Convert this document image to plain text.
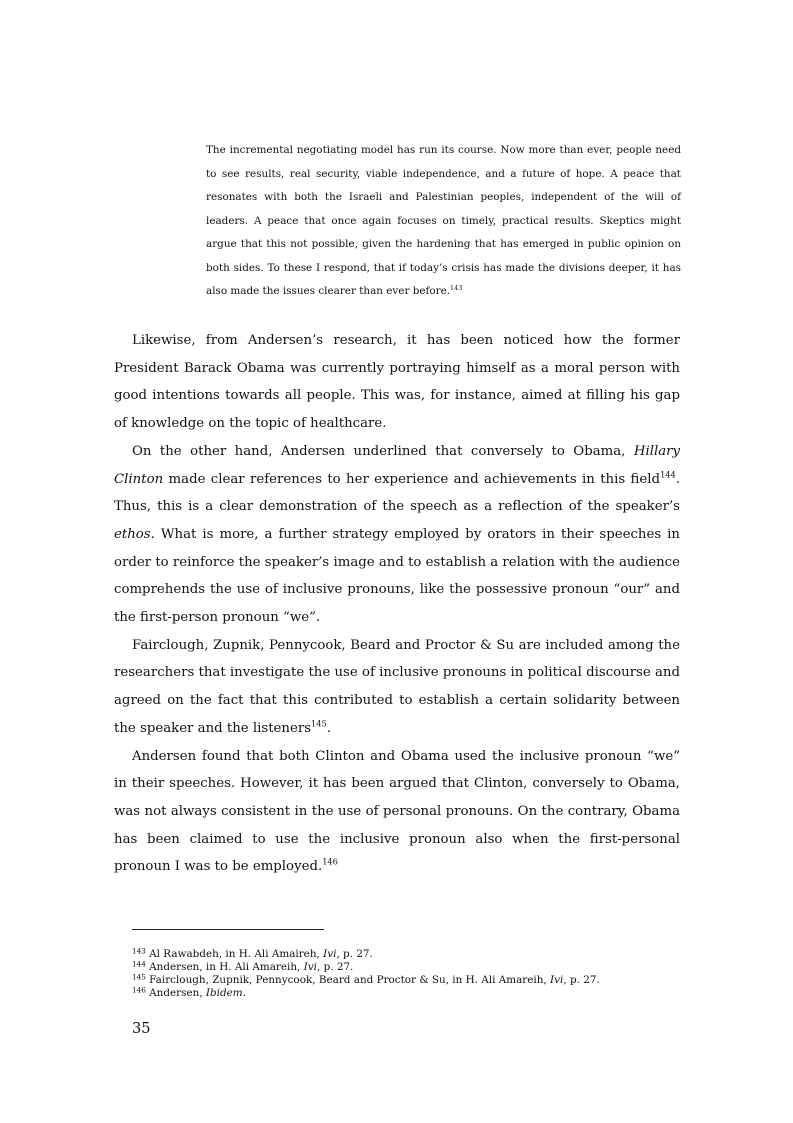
The incremental negotiating model has run its course. Now more than ever, people need to see results, real security, viable independence, and a future of hope. A peace that resonates with both the Israeli and Palestinian peoples, independent of the will of leaders. A peace that once again focuses on timely, practical results. Skeptics might argue that this not possible, given the hardening that has emerged in public opinion on both sides. To these I respond, that if today’s crisis has made the divisions deeper, it has also made the issues clearer than ever before.$^{143}$

Likewise, from Andersen’s research, it has been noticed how the former President Barack Obama was currently portraying himself as a moral person with good intentions towards all people. This was, for instance, aimed at filling his gap of knowledge on the topic of healthcare.

On the other hand, Andersen underlined that conversely to Obama, Hillary Clinton made clear references to her experience and achievements in this field$^{144}$. Thus, this is a clear demonstration of the speech as a reflection of the speaker’s ethos. What is more, a further strategy employed by orators in their speeches in order to reinforce the speaker’s image and to establish a relation with the audience comprehends the use of inclusive pronouns, like the possessive pronoun “our” and the first-person pronoun “we”.

Fairclough, Zupnik, Pennycook, Beard and Proctor & Su are included among the researchers that investigate the use of inclusive pronouns in political discourse and agreed on the fact that this contributed to establish a certain solidarity between the speaker and the listeners$^{145}$.

Andersen found that both Clinton and Obama used the inclusive pronoun “we” in their speeches. However, it has been argued that Clinton, conversely to Obama, was not always consistent in the use of personal pronouns. On the contrary, Obama has been claimed to use the inclusive pronoun also when the first-personal pronoun I was to be employed.$^{146}$

$^{143}$ Al Rawabdeh, in H. Ali Amaireh, Ivi, p. 27.
$^{144}$ Andersen, in H. Ali Amareih, Ivi, p. 27.
$^{145}$ Fairclough, Zupnik, Pennycook, Beard and Proctor & Su, in H. Ali Amareih, Ivi, p. 27.
$^{146}$ Andersen, Ibidem.
35
